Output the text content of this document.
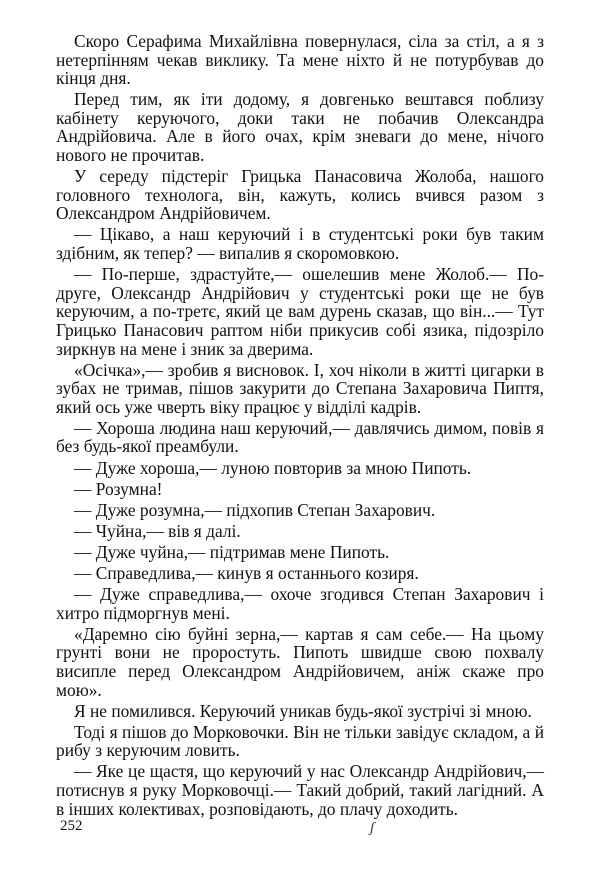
Скоро Серафима Михайлівна повернулася, сіла за стіл, а я з нетерпінням чекав виклику. Та мене ніхто й не потурбував до кінця дня.

Перед тим, як іти додому, я довгенько вештався поблизу кабінету керуючого, доки таки не побачив Олександра Андрійовича. Але в його очах, крім зневаги до мене, нічого нового не прочитав.

У середу підстеріг Грицька Панасовича Жолоба, нашого головного технолога, він, кажуть, колись вчився разом з Олександром Андрійовичем.

— Цікаво, а наш керуючий і в студентські роки був таким здібним, як тепер? — випалив я скоромовкою.

— По-перше, здрастуйте,— ошелешив мене Жолоб.— По-друге, Олександр Андрійович у студентські роки ще не був керуючим, а по-третє, який це вам дурень сказав, що він...— Тут Грицько Панасович раптом ніби прикусив собі язика, підозріло зиркнув на мене і зник за дверима.

«Осічка»,— зробив я висновок. І, хоч ніколи в житті цигарки в зубах не тримав, пішов закурити до Степана Захаровича Пиптя, який ось уже чверть віку працює у відділі кадрів.

— Хороша людина наш керуючий,— давлячись димом, повів я без будь-якої преамбули.

— Дуже хороша,— луною повторив за мною Пипоть.

— Розумна!

— Дуже розумна,— підхопив Степан Захарович.

— Чуйна,— вів я далі.

— Дуже чуйна,— підтримав мене Пипоть.

— Справедлива,— кинув я останнього козиря.

— Дуже справедлива,— охоче згодився Степан Захарович і хитро підморгнув мені.

«Даремно сію буйні зерна,— картав я сам себе.— На цьому грунті вони не проростуть. Пипоть швидше свою похвалу висипле перед Олександром Андрійовичем, аніж скаже про мою».

Я не помилився. Керуючий уникав будь-якої зустрічі зі мною.

Тоді я пішов до Морковочки. Він не тільки завідує складом, а й рибу з керуючим ловить.

— Яке це щастя, що керуючий у нас Олександр Андрійович,— потиснув я руку Морковочці.— Такий добрий, такий лагідний. А в інших колективах, розповідають, до плачу доходить.

252	ʃ
